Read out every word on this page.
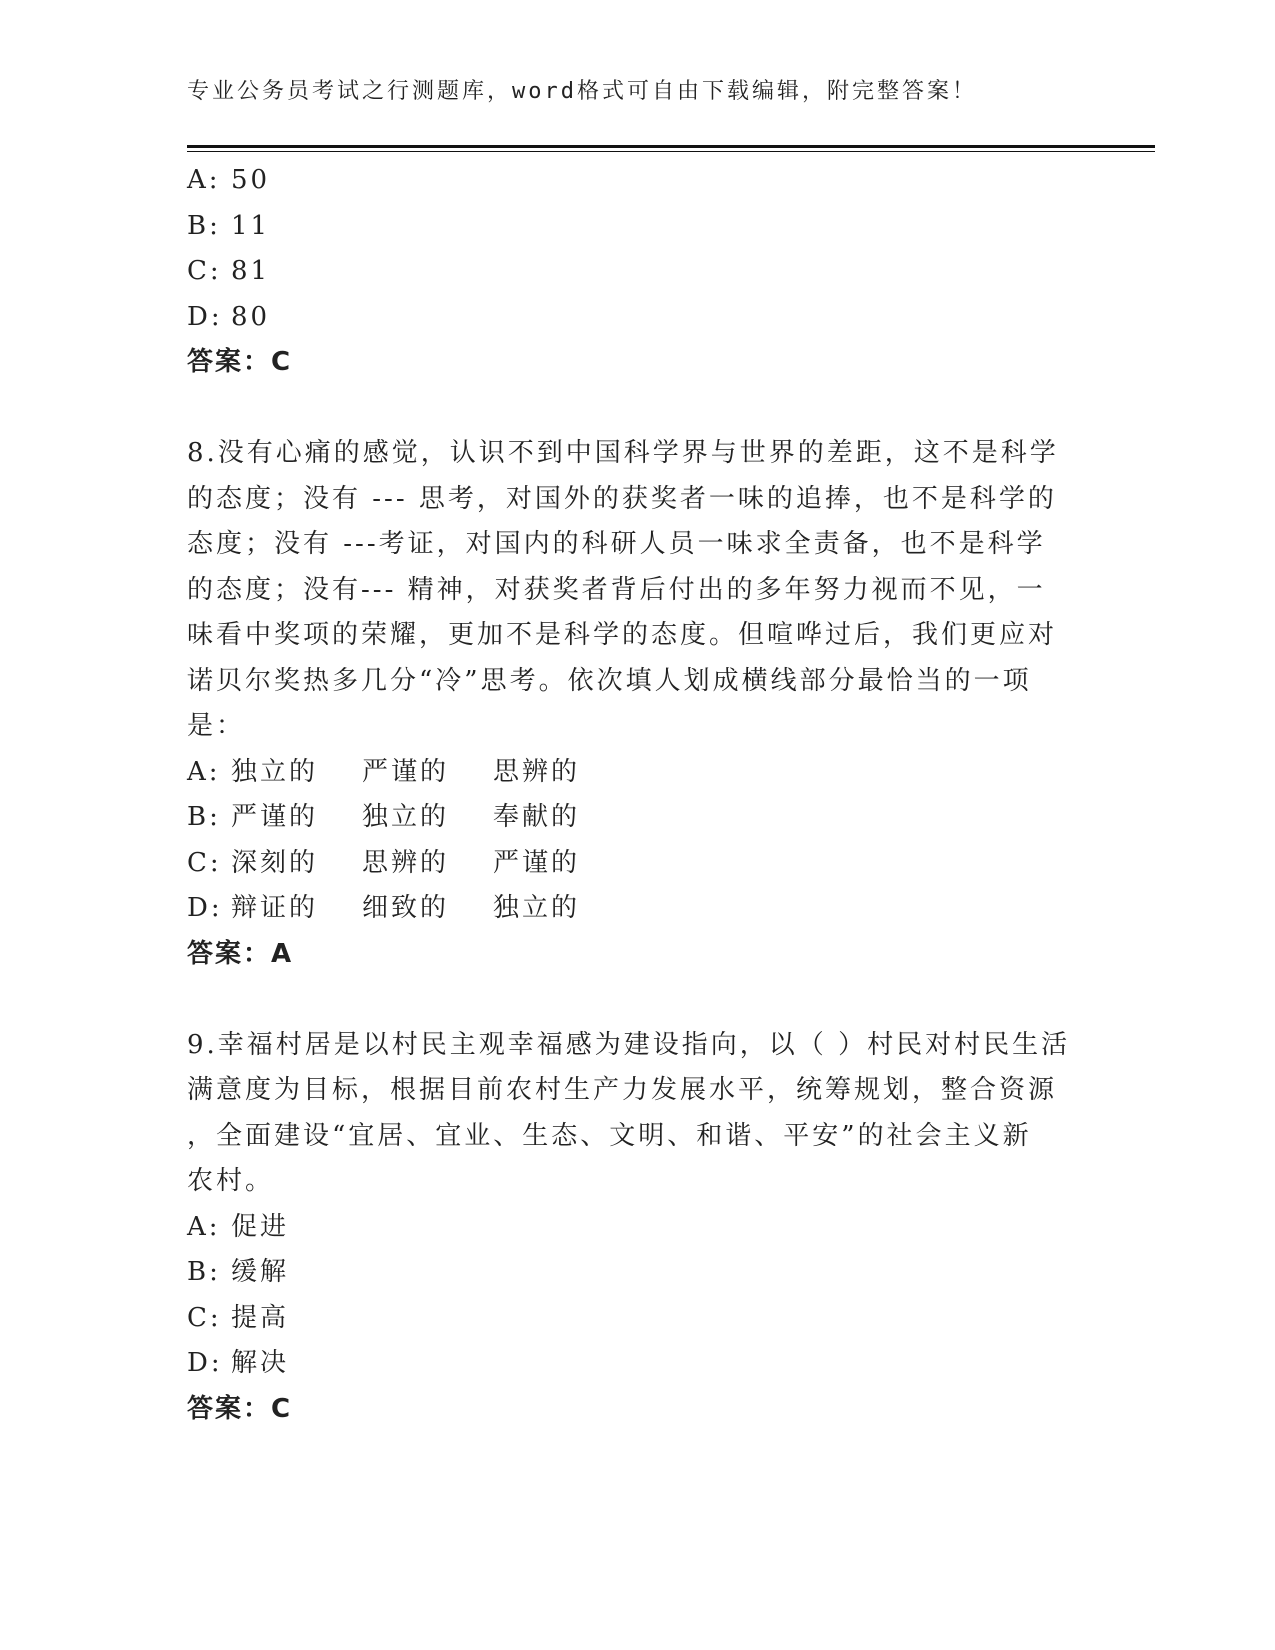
专业公务员考试之行测题库，word格式可自由下载编辑，附完整答案！
A: 50
B: 11
C: 81
D: 80
答案：C
8.没有心痛的感觉，认识不到中国科学界与世界的差距，这不是科学
的态度；没有 --- 思考，对国外的获奖者一味的追捧，也不是科学的
态度；没有 ---考证，对国内的科研人员一味求全责备，也不是科学
的态度；没有--- 精神，对获奖者背后付出的多年努力视而不见，一
味看中奖项的荣耀，更加不是科学的态度。但喧哗过后，我们更应对
诺贝尔奖热多几分“冷”思考。依次填人划成横线部分最恰当的一项
是：
A: 独立的 严谨的 思辨的
B: 严谨的 独立的 奉献的
C: 深刻的 思辨的 严谨的
D: 辩证的 细致的 独立的
答案：A
9.幸福村居是以村民主观幸福感为建设指向，以（ ）村民对村民生活
满意度为目标，根据目前农村生产力发展水平，统筹规划，整合资源
，全面建设“宜居、宜业、生态、文明、和谐、平安”的社会主义新
农村。
A: 促进
B: 缓解
C: 提高
D: 解决
答案：C
